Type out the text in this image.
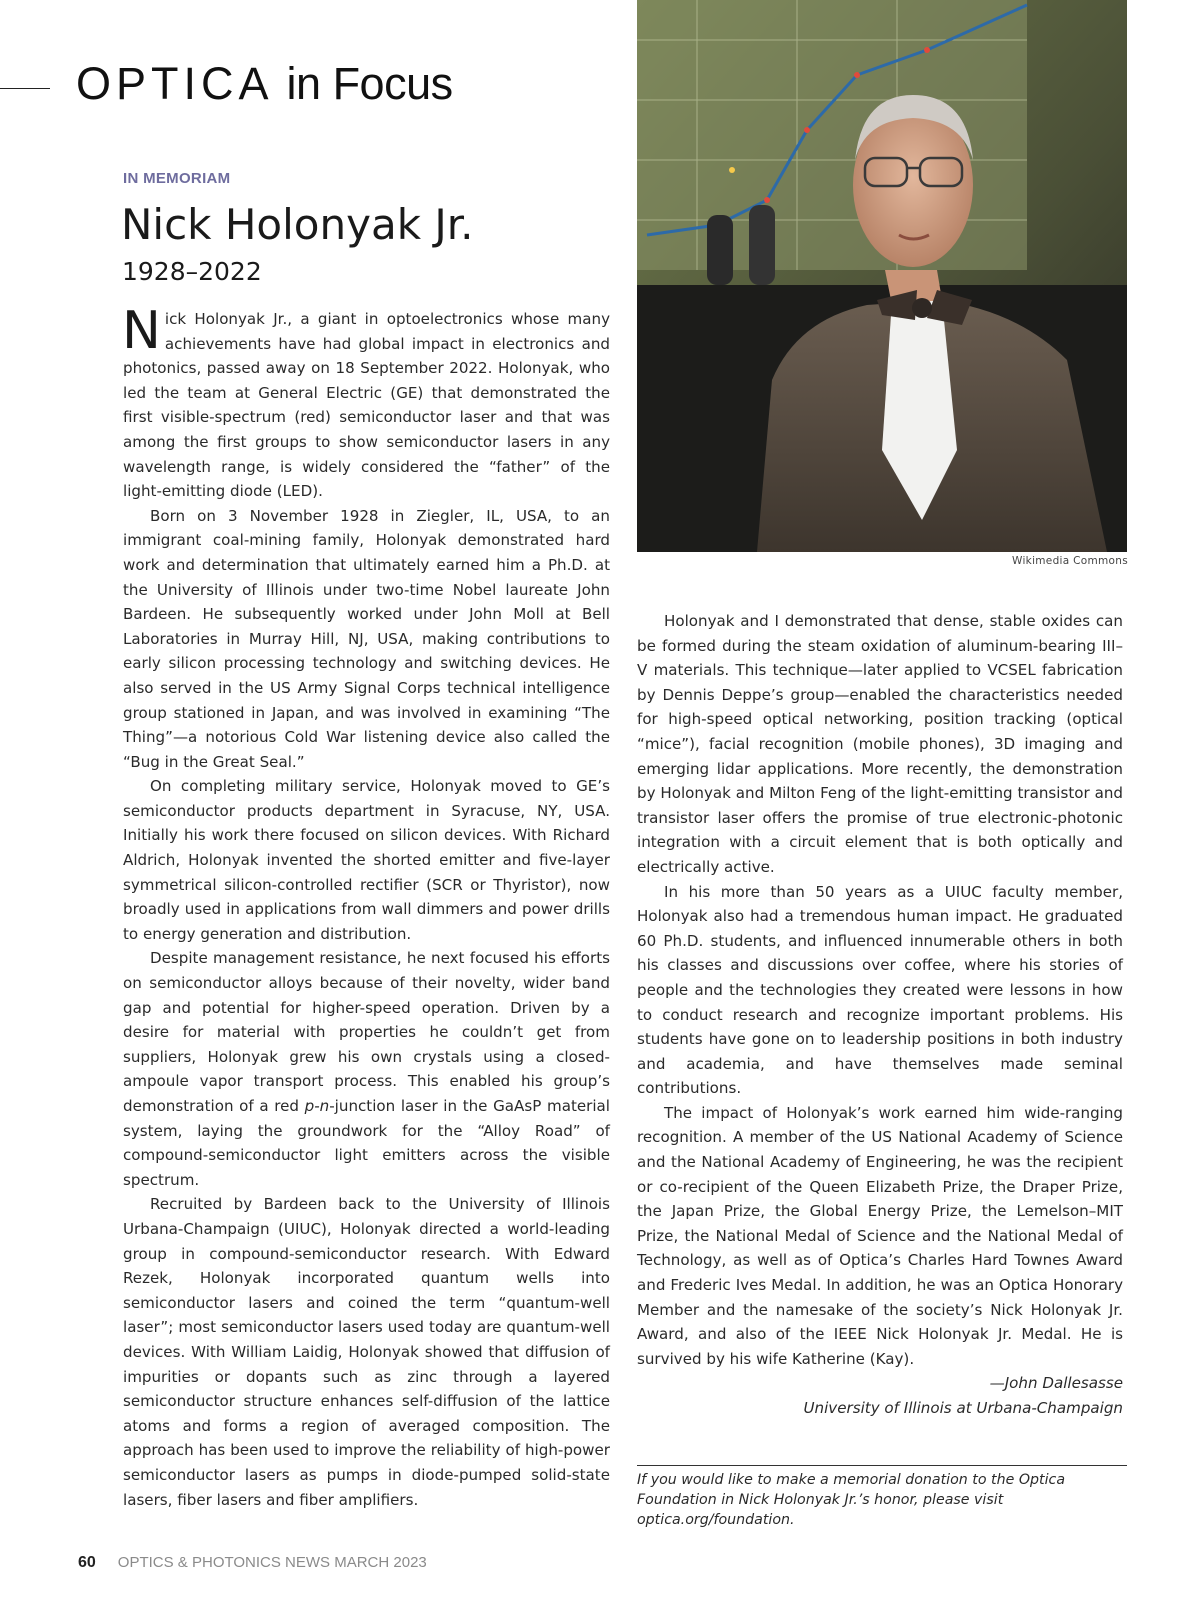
OPTICA in Focus
IN MEMORIAM
Nick Holonyak Jr.
1928–2022

Nick Holonyak Jr., a giant in optoelectronics whose many achievements have had global impact in electronics and photonics, passed away on 18 September 2022. Holonyak, who led the team at General Electric (GE) that demonstrated the first visible-spectrum (red) semiconductor laser and that was among the first groups to show semiconductor lasers in any wavelength range, is widely considered the “father” of the light-emitting diode (LED).

Born on 3 November 1928 in Ziegler, IL, USA, to an immigrant coal-mining family, Holonyak demonstrated hard work and determination that ultimately earned him a Ph.D. at the University of Illinois under two-time Nobel laureate John Bardeen. He subsequently worked under John Moll at Bell Laboratories in Murray Hill, NJ, USA, making contributions to early silicon processing technology and switching devices. He also served in the US Army Signal Corps technical intelligence group stationed in Japan, and was involved in examining “The Thing”—a notorious Cold War listening device also called the “Bug in the Great Seal.”

On completing military service, Holonyak moved to GE’s semiconductor products department in Syracuse, NY, USA. Initially his work there focused on silicon devices. With Richard Aldrich, Holonyak invented the shorted emitter and five-layer symmetrical silicon-controlled rectifier (SCR or Thyristor), now broadly used in applications from wall dimmers and power drills to energy generation and distribution.

Despite management resistance, he next focused his efforts on semiconductor alloys because of their novelty, wider band gap and potential for higher-speed operation. Driven by a desire for material with properties he couldn’t get from suppliers, Holonyak grew his own crystals using a closed-ampoule vapor transport process. This enabled his group’s demonstration of a red p-n-junction laser in the GaAsP material system, laying the groundwork for the “Alloy Road” of compound-semiconductor light emitters across the visible spectrum.

Recruited by Bardeen back to the University of Illinois Urbana-Champaign (UIUC), Holonyak directed a world-leading group in compound-semiconductor research. With Edward Rezek, Holonyak incorporated quantum wells into semiconductor lasers and coined the term “quantum-well laser”; most semiconductor lasers used today are quantum-well devices. With William Laidig, Holonyak showed that diffusion of impurities or dopants such as zinc through a layered semiconductor structure enhances self-diffusion of the lattice atoms and forms a region of averaged composition. The approach has been used to improve the reliability of high-power semiconductor lasers as pumps in diode-pumped solid-state lasers, fiber lasers and fiber amplifiers.

Wikimedia Commons

Holonyak and I demonstrated that dense, stable oxides can be formed during the steam oxidation of aluminum-bearing III–V materials. This technique—later applied to VCSEL fabrication by Dennis Deppe’s group—enabled the characteristics needed for high-speed optical networking, position tracking (optical “mice”), facial recognition (mobile phones), 3D imaging and emerging lidar applications. More recently, the demonstration by Holonyak and Milton Feng of the light-emitting transistor and transistor laser offers the promise of true electronic-photonic integration with a circuit element that is both optically and electrically active.

In his more than 50 years as a UIUC faculty member, Holonyak also had a tremendous human impact. He graduated 60 Ph.D. students, and influenced innumerable others in both his classes and discussions over coffee, where his stories of people and the technologies they created were lessons in how to conduct research and recognize important problems. His students have gone on to leadership positions in both industry and academia, and have themselves made seminal contributions.

The impact of Holonyak’s work earned him wide-ranging recognition. A member of the US National Academy of Science and the National Academy of Engineering, he was the recipient or co-recipient of the Queen Elizabeth Prize, the Draper Prize, the Japan Prize, the Global Energy Prize, the Lemelson–MIT Prize, the National Medal of Science and the National Medal of Technology, as well as of Optica’s Charles Hard Townes Award and Frederic Ives Medal. In addition, he was an Optica Honorary Member and the namesake of the society’s Nick Holonyak Jr. Award, and also of the IEEE Nick Holonyak Jr. Medal. He is survived by his wife Katherine (Kay).

—John Dallesasse
University of Illinois at Urbana-Champaign
If you would like to make a memorial donation to the Optica Foundation in Nick Holonyak Jr.’s honor, please visit optica.org/foundation.
60 OPTICS & PHOTONICS NEWS MARCH 2023
